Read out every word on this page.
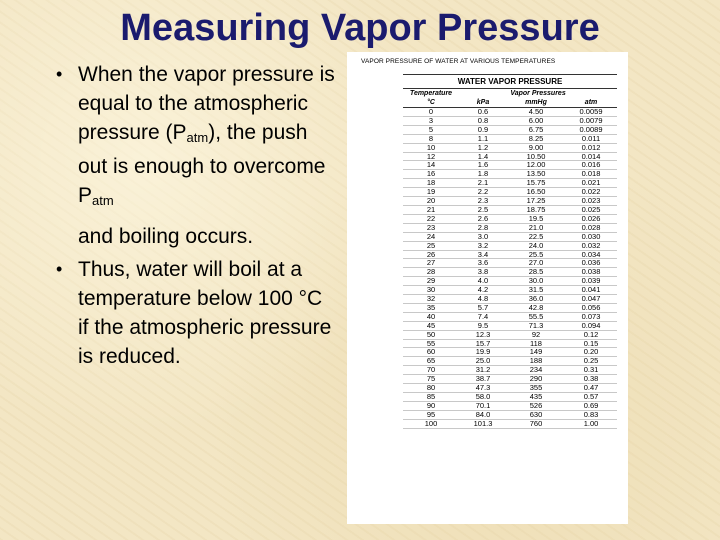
Measuring Vapor Pressure
• When the vapor pressure is equal to the atmospheric pressure $(P_{atm})$, the push out is enough to overcome $P_{atm}$
and boiling occurs.
• Thus, water will boil at a temperature below 100 °C if the atmospheric pressure is reduced.
VAPOR PRESSURE OF WATER AT VARIOUS TEMPERATURES
WATER VAPOR PRESSURE			
Temperature	Vapor Pressures		
°C	kPa	mmHg	atm
0	0.6	4.50	0.0059
3	0.8	6.00	0.0079
5	0.9	6.75	0.0089
8	1.1	8.25	0.011
10	1.2	9.00	0.012
12	1.4	10.50	0.014
14	1.6	12.00	0.016
16	1.8	13.50	0.018
18	2.1	15.75	0.021
19	2.2	16.50	0.022
20	2.3	17.25	0.023
21	2.5	18.75	0.025
22	2.6	19.5	0.026
23	2.8	21.0	0.028
24	3.0	22.5	0.030
25	3.2	24.0	0.032
26	3.4	25.5	0.034
27	3.6	27.0	0.036
28	3.8	28.5	0.038
29	4.0	30.0	0.039
30	4.2	31.5	0.041
32	4.8	36.0	0.047
35	5.7	42.8	0.056
40	7.4	55.5	0.073
45	9.5	71.3	0.094
50	12.3	92	0.12
55	15.7	118	0.15
60	19.9	149	0.20
65	25.0	188	0.25
70	31.2	234	0.31
75	38.7	290	0.38
80	47.3	355	0.47
85	58.0	435	0.57
90	70.1	526	0.69
95	84.0	630	0.83
100	101.3	760	1.00
